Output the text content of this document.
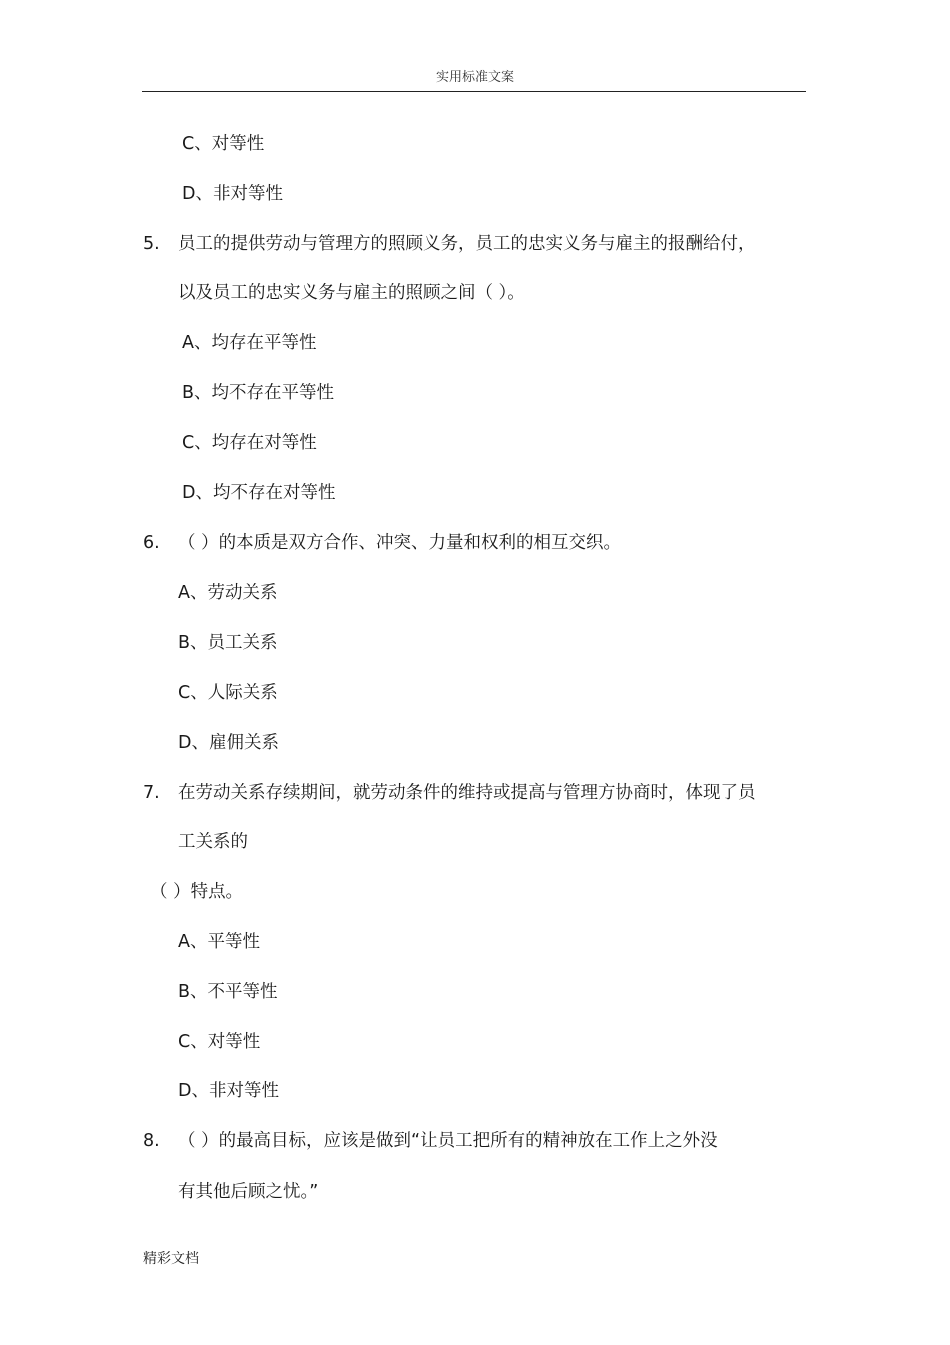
实用标准文案
C、对等性
D、非对等性
5. 员工的提供劳动与管理方的照顾义务，员工的忠实义务与雇主的报酬给付，
以及员工的忠实义务与雇主的照顾之间（ ）。
A、均存在平等性
B、均不存在平等性
C、均存在对等性
D、均不存在对等性
6. （ ）的本质是双方合作、冲突、力量和权利的相互交织。
A、劳动关系
B、员工关系
C、人际关系
D、雇佣关系
7. 在劳动关系存续期间，就劳动条件的维持或提高与管理方协商时，体现了员
工关系的
（ ）特点。
A、平等性
B、不平等性
C、对等性
D、非对等性
8. （ ）的最高目标，应该是做到“让员工把所有的精神放在工作上之外没
有其他后顾之忧。”
精彩文档
